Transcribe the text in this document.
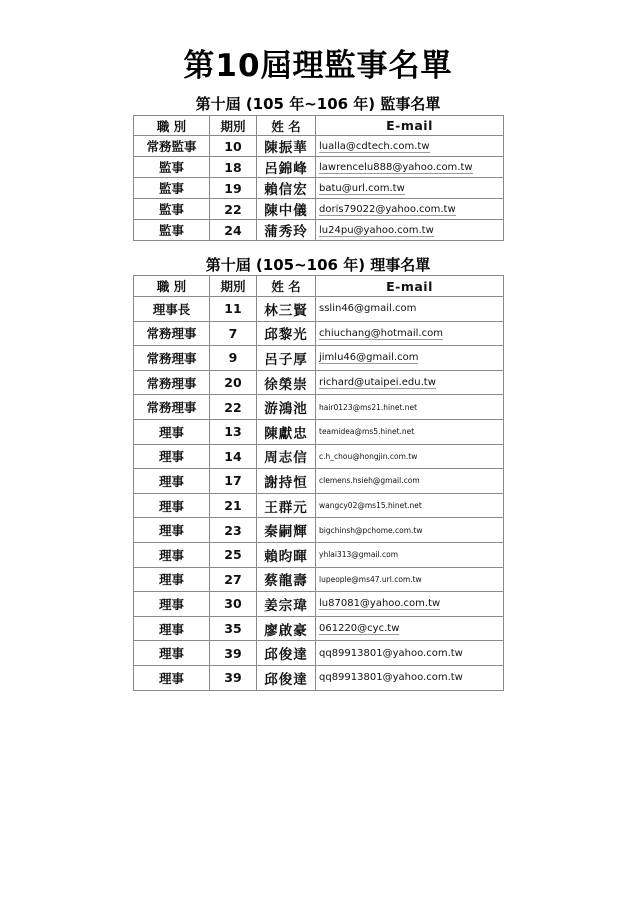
第10屆理監事名單
第十屆 (105 年~106 年) 監事名單
職 別	期別	姓 名	E-mail
常務監事	10	陳振華	lualla@cdtech.com.tw
監事	18	呂錦峰	lawrencelu888@yahoo.com.tw
監事	19	賴信宏	batu@url.com.tw
監事	22	陳中儀	doris79022@yahoo.com.tw
監事	24	蒲秀玲	lu24pu@yahoo.com.tw
第十屆 (105~106 年) 理事名單
職 別	期別	姓 名	E-mail
理事長	11	林三賢	sslin46@gmail.com
常務理事	7	邱黎光	chiuchang@hotmail.com
常務理事	9	呂子厚	jimlu46@gmail.com
常務理事	20	徐榮崇	richard@utaipei.edu.tw
常務理事	22	游鴻池	hair0123@ms21.hinet.net
理事	13	陳獻忠	teamidea@ms5.hinet.net
理事	14	周志信	c.h_chou@hongjin.com.tw
理事	17	謝持恒	clemens.hsieh@gmail.com
理事	21	王群元	wangcy02@ms15.hinet.net
理事	23	秦嗣輝	bigchinsh@pchome.com.tw
理事	25	賴昀暉	yhlai313@gmail.com
理事	27	蔡龍壽	lupeople@ms47.url.com.tw
理事	30	姜宗瑋	lu87081@yahoo.com.tw
理事	35	廖啟豪	061220@cyc.tw
理事	39	邱俊達	qq89913801@yahoo.com.tw
理事	39	邱俊達	qq89913801@yahoo.com.tw
